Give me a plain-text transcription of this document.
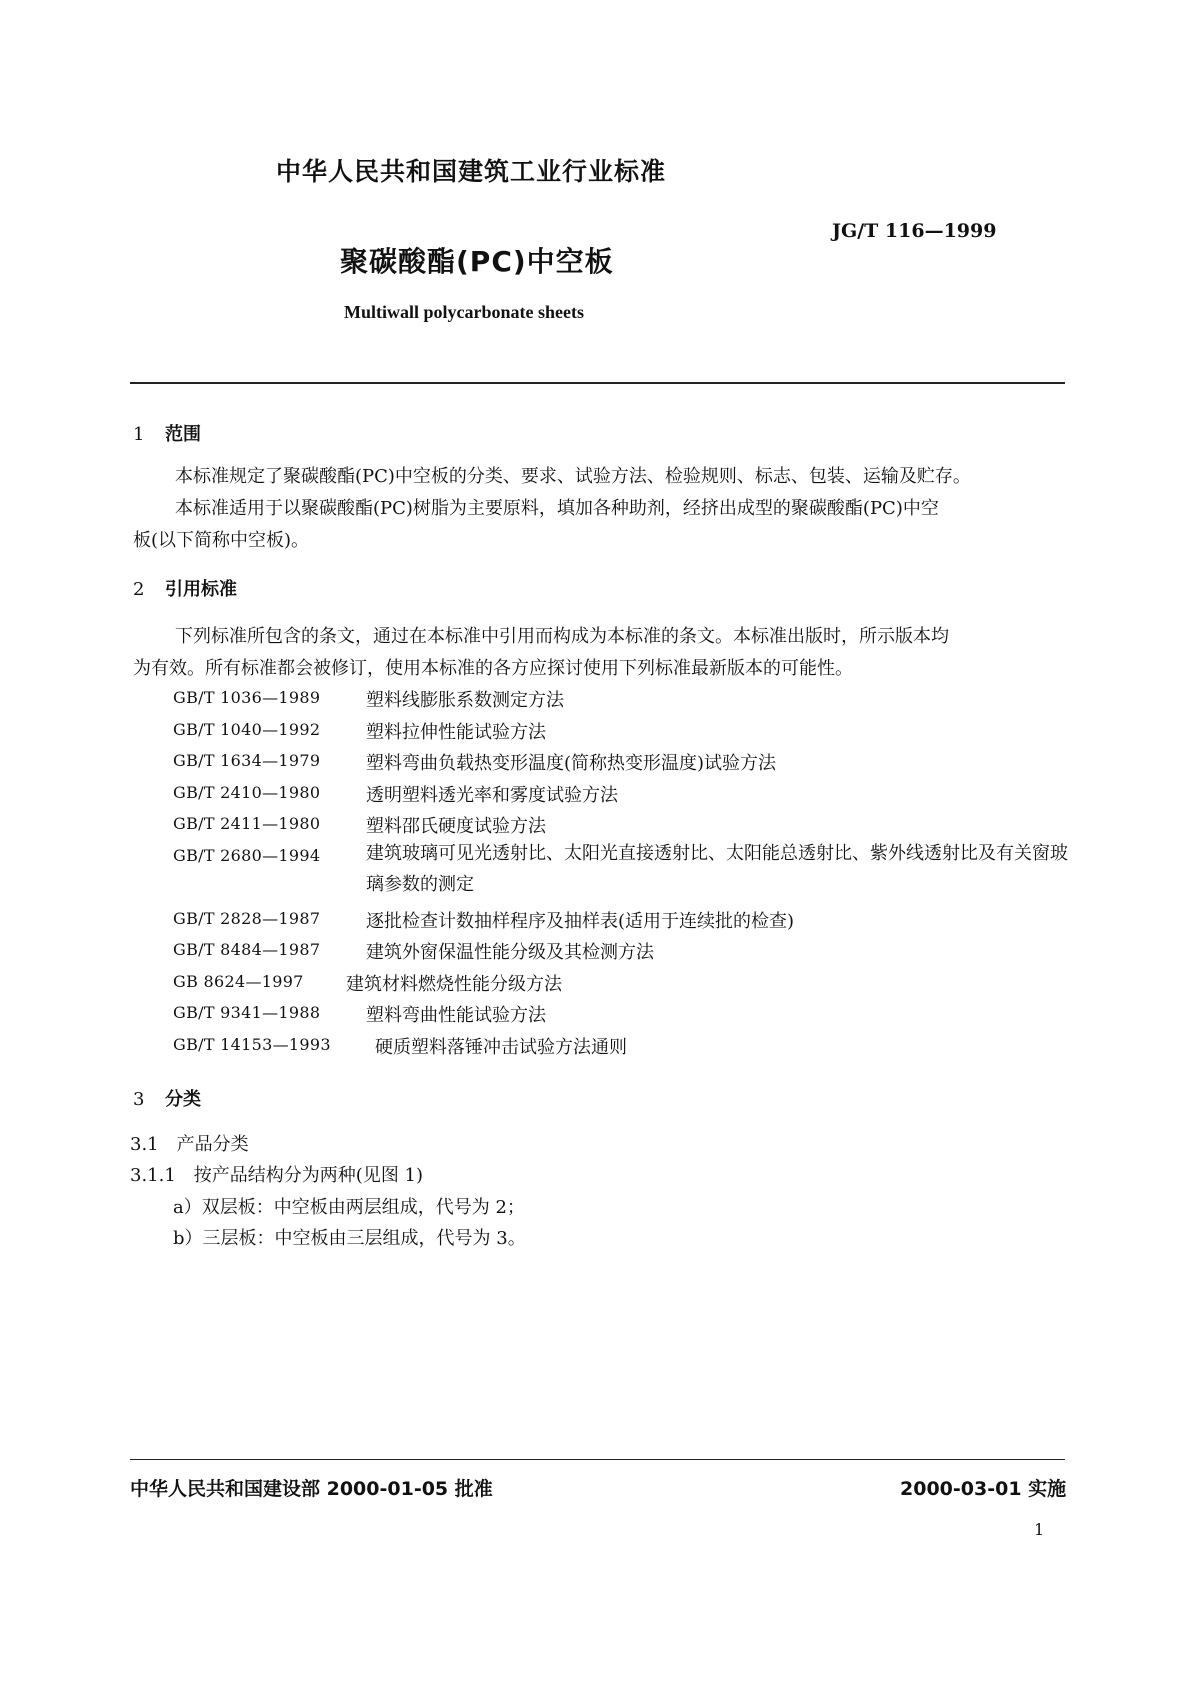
中华人民共和国建筑工业行业标准
JG/T 116—1999
聚碳酸酯(PC)中空板
Multiwall polycarbonate sheets
1 范围
本标准规定了聚碳酸酯(PC)中空板的分类、要求、试验方法、检验规则、标志、包装、运输及贮存。
本标准适用于以聚碳酸酯(PC)树脂为主要原料，填加各种助剂，经挤出成型的聚碳酸酯(PC)中空
板(以下简称中空板)。
2 引用标准
下列标准所包含的条文，通过在本标准中引用而构成为本标准的条文。本标准出版时，所示版本均
为有效。所有标准都会被修订，使用本标准的各方应探讨使用下列标准最新版本的可能性。
GB/T 1036—1989	塑料线膨胀系数测定方法
GB/T 1040—1992	塑料拉伸性能试验方法
GB/T 1634—1979	塑料弯曲负载热变形温度(简称热变形温度)试验方法
GB/T 2410—1980	透明塑料透光率和雾度试验方法
GB/T 2411—1980	塑料邵氏硬度试验方法
GB/T 2680—1994	建筑玻璃可见光透射比、太阳光直接透射比、太阳能总透射比、紫外线透射比及有关窗玻璃参数的测定
GB/T 2828—1987	逐批检查计数抽样程序及抽样表(适用于连续批的检查)
GB/T 8484—1987	建筑外窗保温性能分级及其检测方法
GB 8624—1997 建筑材料燃烧性能分级方法
GB/T 9341—1988	塑料弯曲性能试验方法
GB/T 14153—1993 硬质塑料落锤冲击试验方法通则
3 分类
3.1　产品分类
3.1.1　按产品结构分为两种(见图 1)
a）双层板：中空板由两层组成，代号为 2；
b）三层板：中空板由三层组成，代号为 3。
中华人民共和国建设部 2000-01-05 批准	2000-03-01 实施
1
